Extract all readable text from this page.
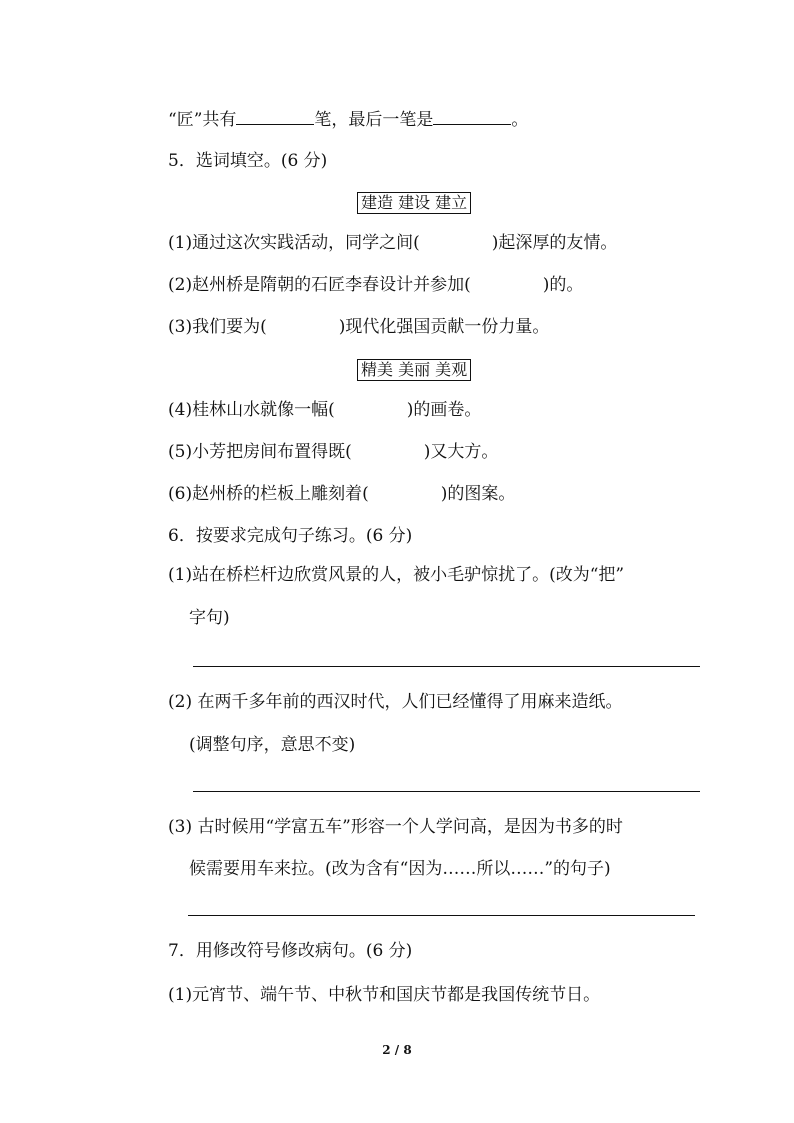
“匠”共有	笔，最后一笔是	。
5．选词填空。(6 分)
建造 建设 建立
(1)通过这次实践活动，同学之间(	)起深厚的友情。
(2)赵州桥是隋朝的石匠李春设计并参加(	)的。
(3)我们要为(	)现代化强国贡献一份力量。
精美 美丽 美观
(4)桂林山水就像一幅(	)的画卷。
(5)小芳把房间布置得既(	)又大方。
(6)赵州桥的栏板上雕刻着(	)的图案。
6．按要求完成句子练习。(6 分)
(1)站在桥栏杆边欣赏风景的人，被小毛驴惊扰了。(改为“把”
字句)
(2) 在两千多年前的西汉时代，人们已经懂得了用麻来造纸。
(调整句序，意思不变)
(3) 古时候用“学富五车”形容一个人学问高，是因为书多的时
候需要用车来拉。(改为含有“因为……所以……”的句子)
7．用修改符号修改病句。(6 分)
(1)元宵节、端午节、中秋节和国庆节都是我国传统节日。
2 / 8
